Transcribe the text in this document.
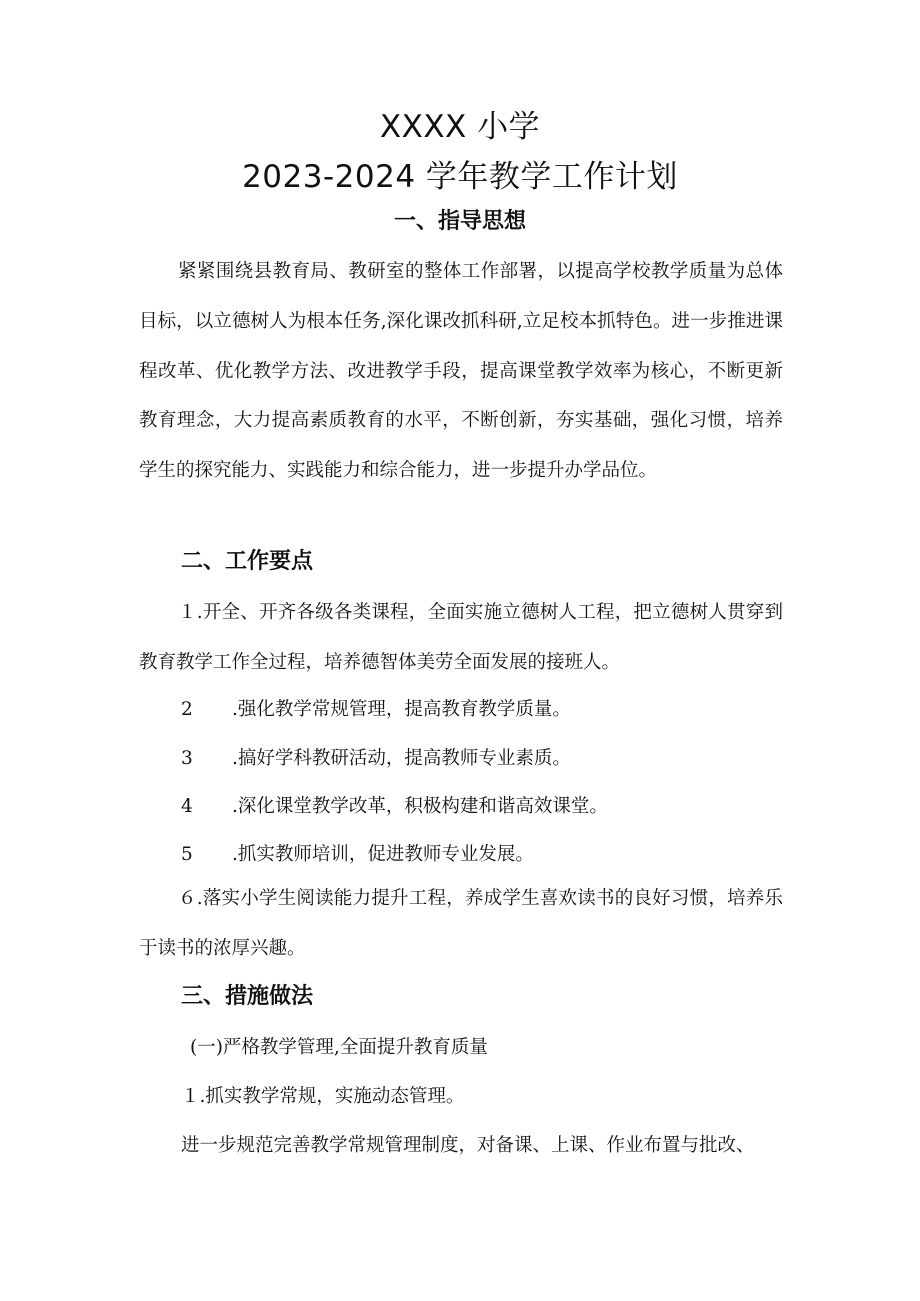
XXXX 小学
2023-2024 学年教学工作计划
一、指导思想

紧紧围绕县教育局、教研室的整体工作部署，以提高学校教学质量为总体目标，以立德树人为根本任务,深化课改抓科研,立足校本抓特色。进一步推进课程改革、优化教学方法、改进教学手段，提高课堂教学效率为核心，不断更新教育理念，大力提高素质教育的水平，不断创新，夯实基础，强化习惯，培养学生的探究能力、实践能力和综合能力，进一步提升办学品位。

二、工作要点

１.开全、开齐各级各类课程，全面实施立德树人工程，把立德树人贯穿到教育教学工作全过程，培养德智体美劳全面发展的接班人。

2 .强化教学常规管理，提高教育教学质量。
3 .搞好学科教研活动，提高教师专业素质。
4 .深化课堂教学改革，积极构建和谐高效课堂。
5 .抓实教师培训，促进教师专业发展。

６.落实小学生阅读能力提升工程，养成学生喜欢读书的良好习惯，培养乐于读书的浓厚兴趣。

三、措施做法
(一)严格教学管理,全面提升教育质量
１.抓实教学常规，实施动态管理。
进一步规范完善教学常规管理制度，对备课、上课、作业布置与批改、
